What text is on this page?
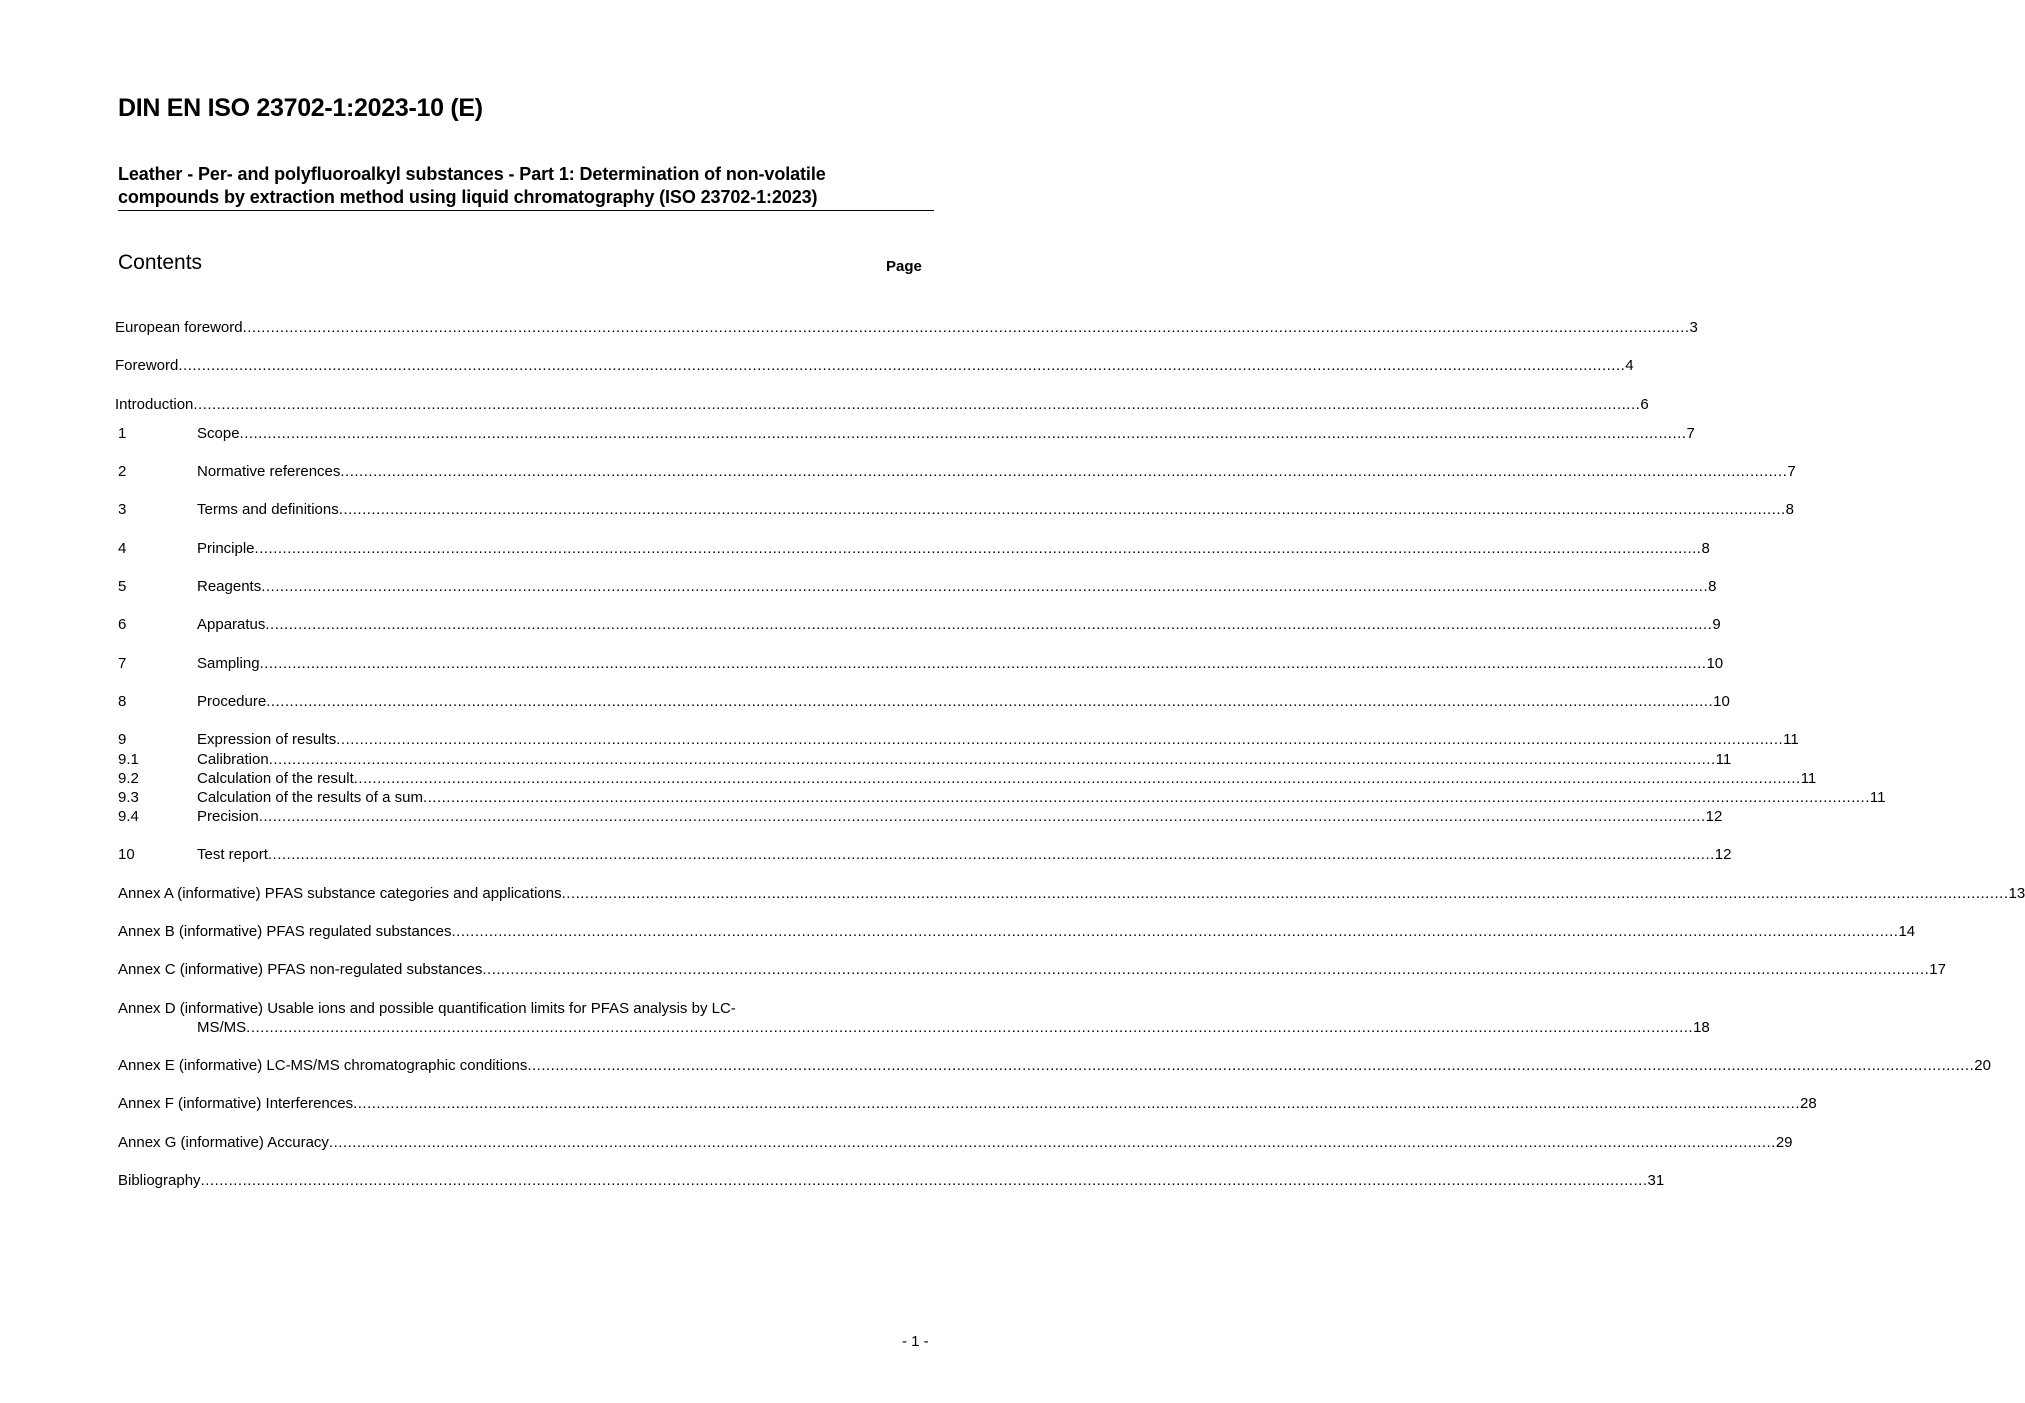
DIN EN ISO 23702-1:2023-10 (E)
Leather - Per- and polyfluoroalkyl substances - Part 1: Determination of non-volatile
compounds by extraction method using liquid chromatography (ISO 23702-1:2023)
Contents	Page
European foreword .....	3
Foreword .....	4
Introduction .....	6
1	Scope .....	7
2	Normative references .....	7
3	Terms and definitions .....	8
4	Principle .....	8
5	Reagents .....	8
6	Apparatus .....	9
7	Sampling .....	10
8	Procedure .....	10
9	Expression of results .....	11
9.1	Calibration .....	11
9.2	Calculation of the result .....	11
9.3	Calculation of the results of a sum .....	11
9.4	Precision .....	12
10	Test report .....	12
Annex A (informative) PFAS substance categories and applications .....	13
Annex B (informative) PFAS regulated substances .....	14
Annex C (informative) PFAS non-regulated substances .....	17
Annex D (informative) Usable ions and possible quantification limits for PFAS analysis by LC-
MS/MS .....	18
Annex E (informative) LC-MS/MS chromatographic conditions .....	20
Annex F (informative) Interferences .....	28
Annex G (informative) Accuracy .....	29
Bibliography .....	31
- 1 -
